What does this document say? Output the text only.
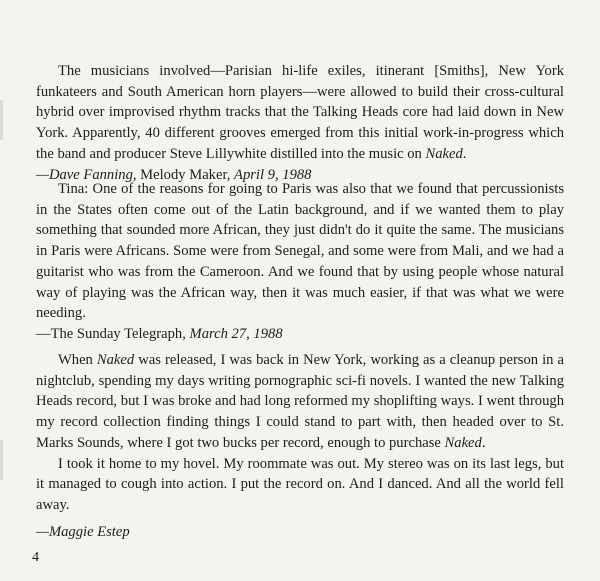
The musicians involved—Parisian hi-life exiles, itinerant [Smiths], New York funkateers and South American horn players—were allowed to build their cross-cultural hybrid over improvised rhythm tracks that the Talking Heads core had laid down in New York. Apparently, 40 different grooves emerged from this initial work-in-progress which the band and producer Steve Lillywhite distilled into the music on Naked.

—Dave Fanning, Melody Maker, April 9, 1988

Tina: One of the reasons for going to Paris was also that we found that percussionists in the States often come out of the Latin background, and if we wanted them to play something that sounded more African, they just didn't do it quite the same. The musicians in Paris were Africans. Some were from Senegal, and some were from Mali, and we had a guitarist who was from the Cameroon. And we found that by using people whose natural way of playing was the African way, then it was much easier, if that was what we were needing.

—The Sunday Telegraph, March 27, 1988

When Naked was released, I was back in New York, working as a cleanup person in a nightclub, spending my days writing pornographic sci-fi novels. I wanted the new Talking Heads record, but I was broke and had long reformed my shoplifting ways. I went through my record collection finding things I could stand to part with, then headed over to St. Marks Sounds, where I got two bucks per record, enough to purchase Naked.

I took it home to my hovel. My roommate was out. My stereo was on its last legs, but it managed to cough into action. I put the record on. And I danced. And all the world fell away.

—Maggie Estep

4
